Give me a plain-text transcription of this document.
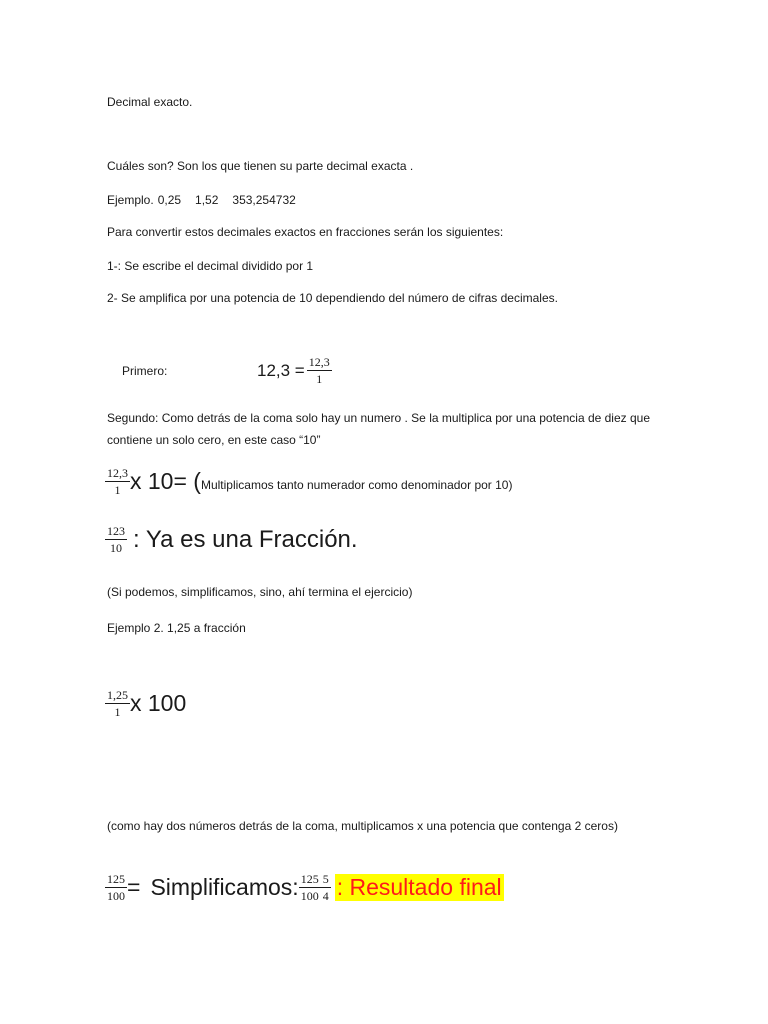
Decimal exacto.
Cuáles son? Son los que tienen su parte decimal exacta .
Ejemplo. 0,25 1,52 353,254732
Para convertir estos decimales exactos en fracciones serán los siguientes:
1-: Se escribe el decimal dividido por 1
2- Se amplifica por una potencia de 10 dependiendo del número de cifras decimales.
Primero:	$12,3 = \frac{12,3}{1}$
Segundo: Como detrás de la coma solo hay un numero . Se la multiplica por una potencia de diez que contiene un solo cero, en este caso “10”
$\frac{12,3}{1}$ x 10= ( Multiplicamos tanto numerador como denominador por 10)
$\frac{123}{10}$ : Ya es una Fracción.
(Si podemos, simplificamos, sino, ahí termina el ejercicio)
Ejemplo 2. 1,25 a fracción
$\frac{1,25}{1}$ x 100
(como hay dos números detrás de la coma, multiplicamos x una potencia que contenga 2 ceros)
$\frac{125}{100}$ = Simplificamos: $\frac{125}{100} \frac{5}{4}$ : Resultado final
